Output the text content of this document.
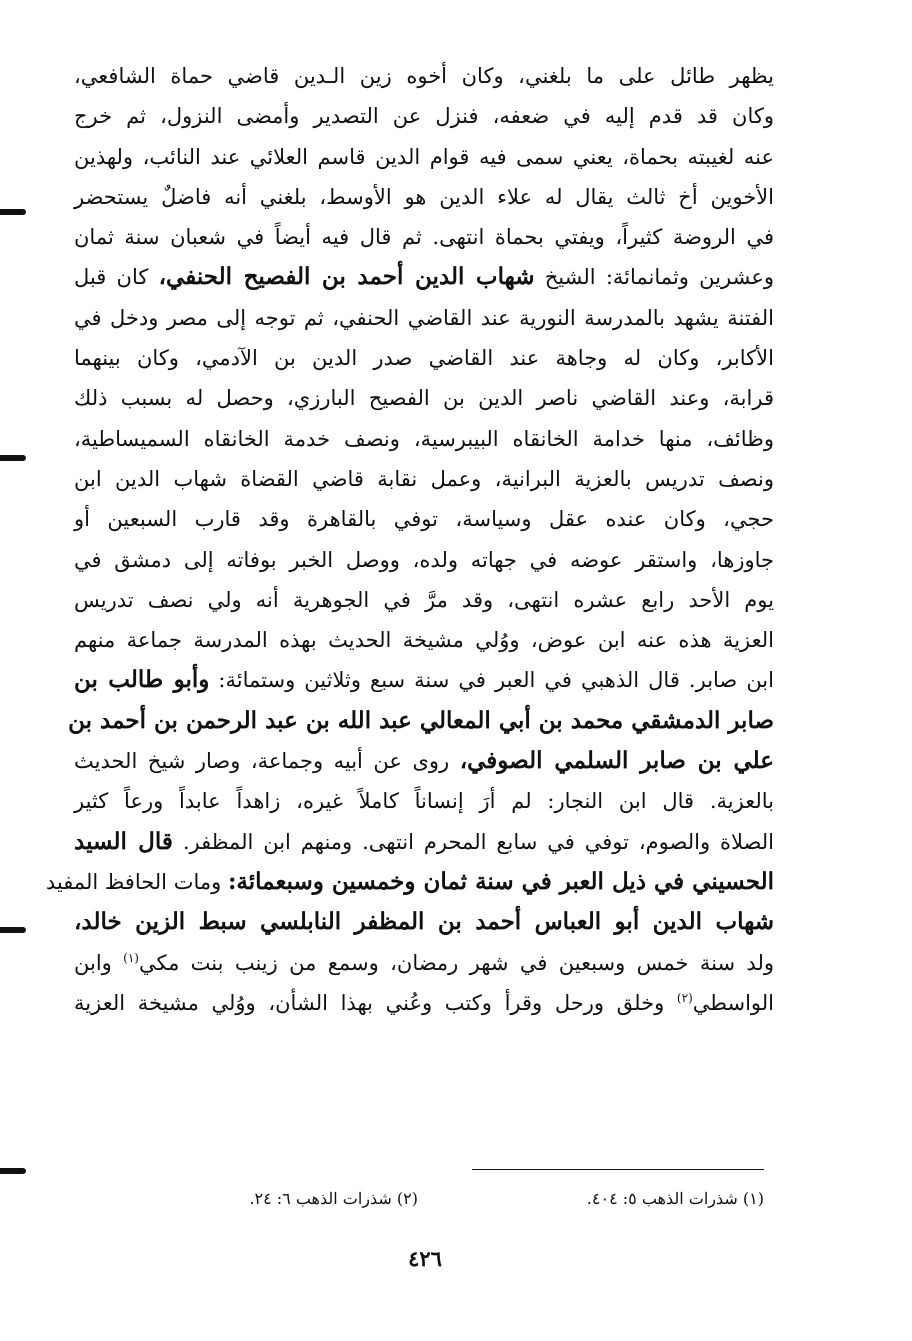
يظهر طائل على ما بلغني، وكان أخوه زين الـدين قاضي حماة الشافعي،
وكان قد قدم إليه في ضعفه، فنزل عن التصدير وأمضى النزول، ثم خرج
عنه لغيبته بحماة، يعني سمى فيه قوام الدين قاسم العلائي عند النائب، ولهذين
الأخوين أخ ثالث يقال له علاء الدين هو الأوسط، بلغني أنه فاضلٌ يستحضر
في الروضة كثيراً، ويفتي بحماة انتهى. ثم قال فيه أيضاً في شعبان سنة ثمان
وعشرين وثمانمائة: الشيخ شهاب الدين أحمد بن الفصيح الحنفي، كان قبل
الفتنة يشهد بالمدرسة النورية عند القاضي الحنفي، ثم توجه إلى مصر ودخل في
الأكابر، وكان له وجاهة عند القاضي صدر الدين بن الآدمي، وكان بينهما
قرابة، وعند القاضي ناصر الدين بن الفصيح البارزي، وحصل له بسبب ذلك
وظائف، منها خدامة الخانقاه البيبرسية، ونصف خدمة الخانقاه السميساطية،
ونصف تدريس بالعزية البرانية، وعمل نقابة قاضي القضاة شهاب الدين ابن
حجي، وكان عنده عقل وسياسة، توفي بالقاهرة وقد قارب السبعين أو
جاوزها، واستقر عوضه في جهاته ولده، ووصل الخبر بوفاته إلى دمشق في
يوم الأحد رابع عشره انتهى، وقد مرَّ في الجوهرية أنه ولي نصف تدريس
العزية هذه عنه ابن عوض، ووُلي مشيخة الحديث بهذه المدرسة جماعة منهم
ابن صابر. قال الذهبي في العبر في سنة سبع وثلاثين وستمائة: وأبو طالب بن
صابر الدمشقي محمد بن أبي المعالي عبد الله بن عبد الرحمن بن أحمد بن
علي بن صابر السلمي الصوفي، روى عن أبيه وجماعة، وصار شيخ الحديث
بالعزية. قال ابن النجار: لم أرَ إنساناً كاملاً غيره، زاهداً عابداً ورعاً كثير
الصلاة والصوم، توفي في سابع المحرم انتهى. ومنهم ابن المظفر. قال السيد
الحسيني في ذيل العبر في سنة ثمان وخمسين وسبعمائة: ومات الحافظ المفيد
شهاب الدين أبو العباس أحمد بن المظفر النابلسي سبط الزين خالد،
ولد سنة خمس وسبعين في شهر رمضان، وسمع من زينب بنت مكي$^{(١)}$ وابن
الواسطي$^{(٢)}$ وخلق ورحل وقرأ وكتب وعُني بهذا الشأن، ووُلي مشيخة العزية
(١) شذرات الذهب ٥: ٤٠٤.
(٢) شذرات الذهب ٦: ٢٤.
٤٢٦
